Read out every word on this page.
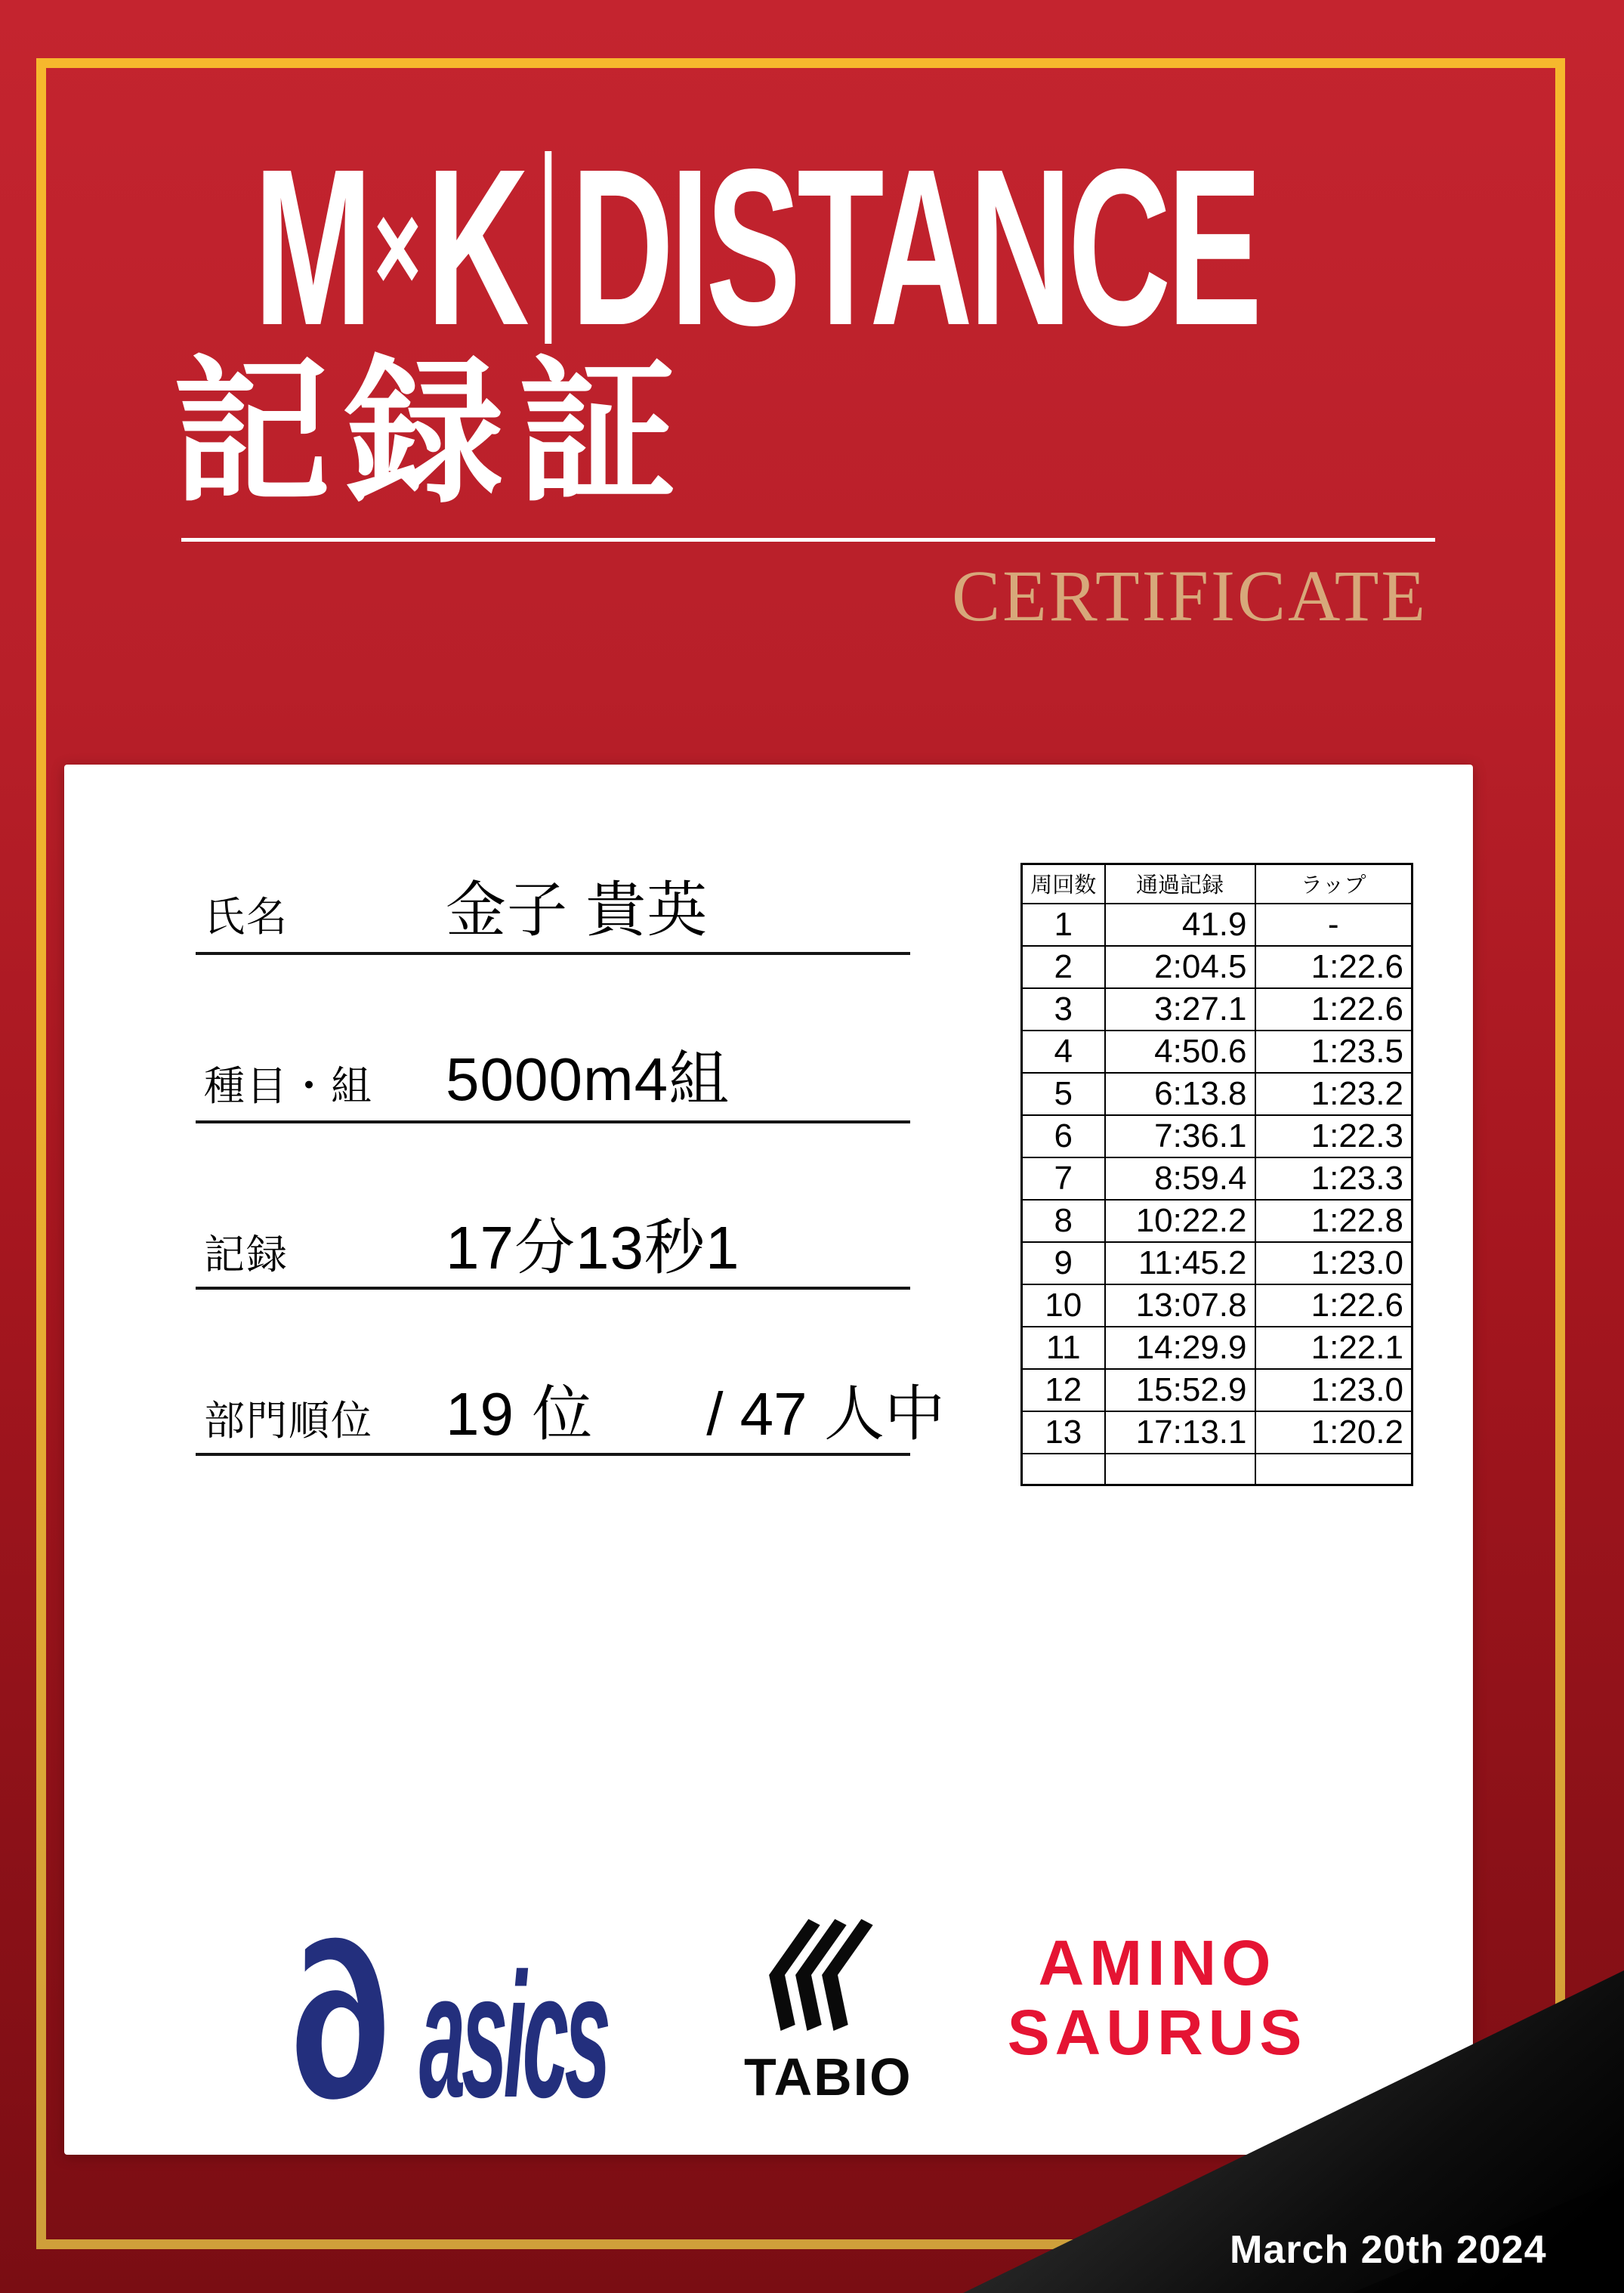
M × K DISTANCE
記録証
CERTIFICATE
氏名	金子 貴英
種目・組	5000m4組
記録	17分13秒1
部門順位	19 位 / 47 人中
周回数	通過記録	ラップ
1	41.9	-
2	2:04.5	1:22.6
3	3:27.1	1:22.6
4	4:50.6	1:23.5
5	6:13.8	1:23.2
6	7:36.1	1:22.3
7	8:59.4	1:23.3
8	10:22.2	1:22.8
9	11:45.2	1:23.0
10	13:07.8	1:22.6
11	14:29.9	1:22.1
12	15:52.9	1:23.0
13	17:13.1	1:20.2

∂ asics	TABIO
AMINO
SAURUS
March 20th 2024
